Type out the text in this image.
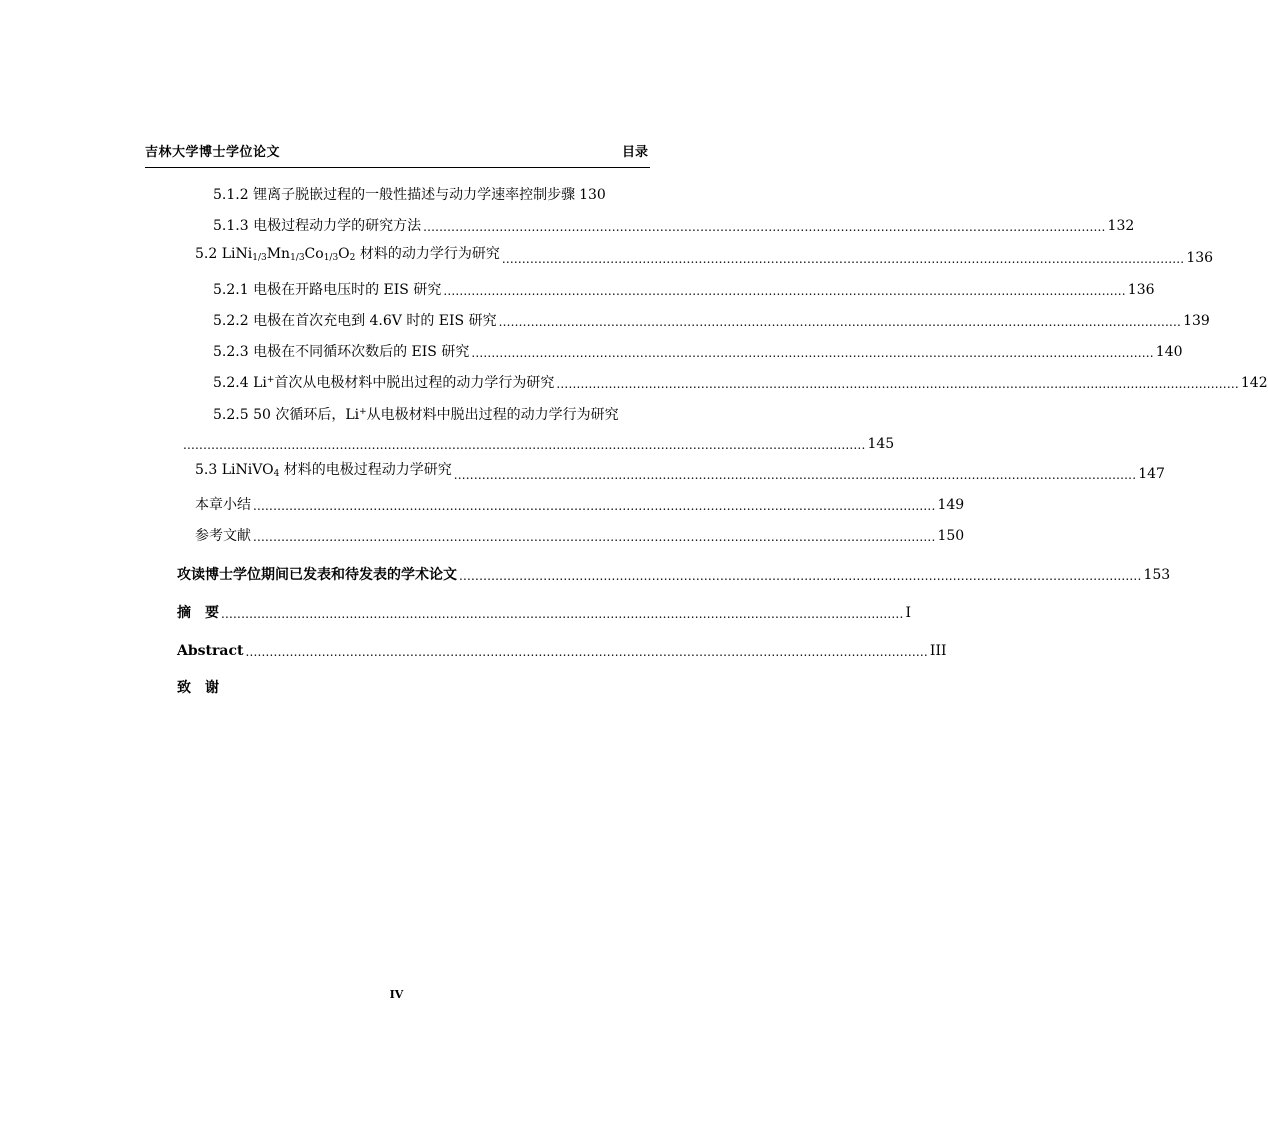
吉林大学博士学位论文	目录
5.1.2 锂离子脱嵌过程的一般性描述与动力学速率控制步骤 130
5.1.3 电极过程动力学的研究方法 .......................................................................................................................................................................... 132
5.2 $LiNi_{1/3}Mn_{1/3}Co_{1/3}O_2$ 材料的动力学行为研究 .......................................................................................................................................................................... 136
5.2.1 电极在开路电压时的 EIS 研究 .......................................................................................................................................................................... 136
5.2.2 电极在首次充电到 4.6V 时的 EIS 研究 .......................................................................................................................................................................... 139
5.2.3 电极在不同循环次数后的 EIS 研究 .......................................................................................................................................................................... 140
5.2.4 Li+首次从电极材料中脱出过程的动力学行为研究 .......................................................................................................................................................................... 142
5.2.5 50 次循环后，Li+从电极材料中脱出过程的动力学行为研究
.......................................................................................................................................................................... 145
5.3 LiNiVO$_4$ 材料的电极过程动力学研究 .......................................................................................................................................................................... 147
本章小结 .......................................................................................................................................................................... 149
参考文献 .......................................................................................................................................................................... 150
攻读博士学位期间已发表和待发表的学术论文 .......................................................................................................................................................................... 153
摘　要 .......................................................................................................................................................................... I
Abstract .......................................................................................................................................................................... III
致　谢
IV
